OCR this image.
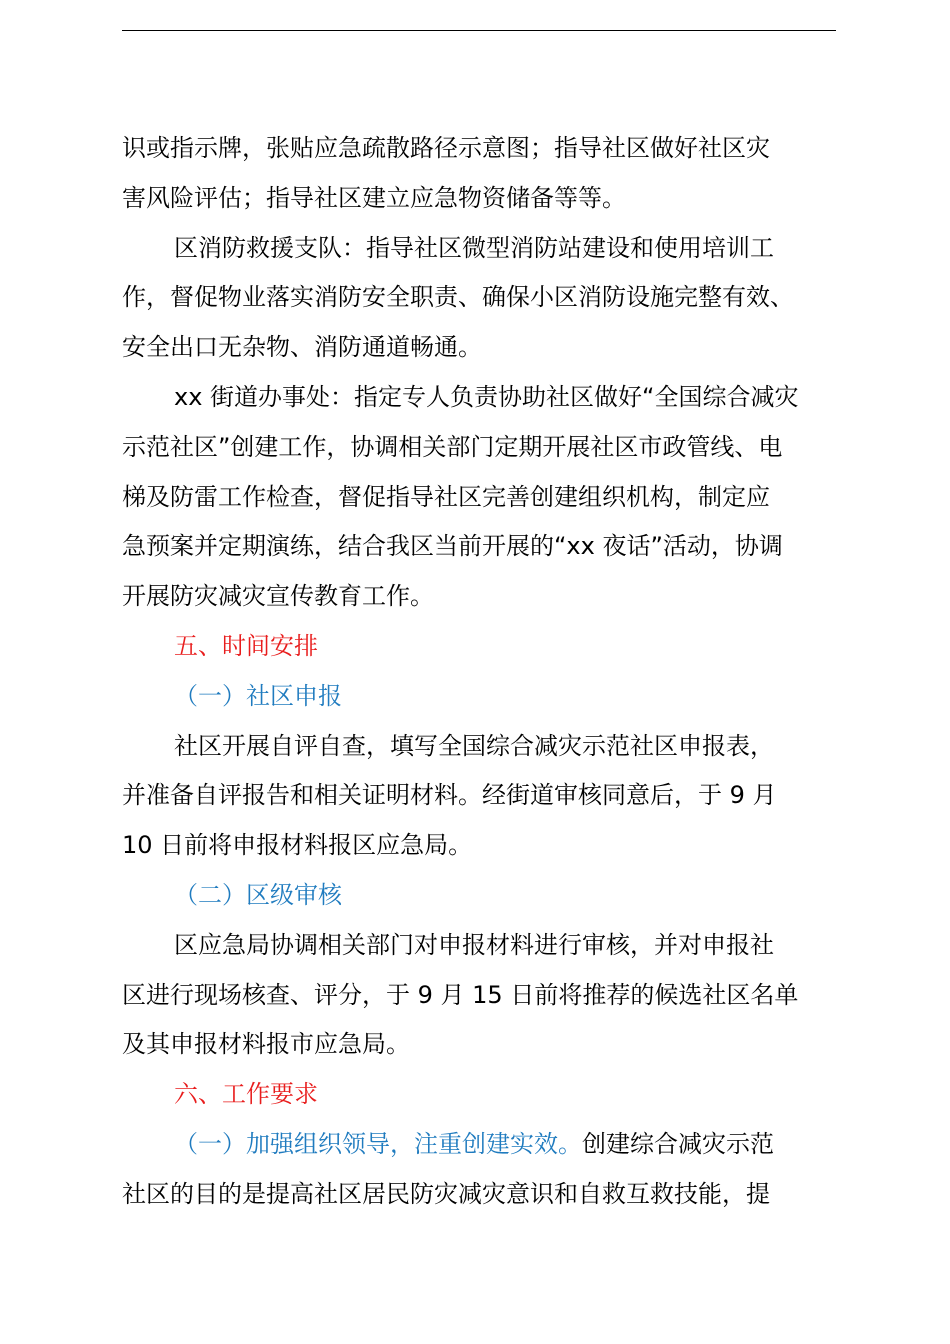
识或指示牌，张贴应急疏散路径示意图；指导社区做好社区灾
害风险评估；指导社区建立应急物资储备等等。
区消防救援支队：指导社区微型消防站建设和使用培训工
作，督促物业落实消防安全职责、确保小区消防设施完整有效、
安全出口无杂物、消防通道畅通。
xx 街道办事处：指定专人负责协助社区做好“全国综合减灾
示范社区”创建工作，协调相关部门定期开展社区市政管线、电
梯及防雷工作检查，督促指导社区完善创建组织机构，制定应
急预案并定期演练，结合我区当前开展的“xx 夜话”活动，协调
开展防灾减灾宣传教育工作。
五、时间安排
（一）社区申报
社区开展自评自查，填写全国综合减灾示范社区申报表，
并准备自评报告和相关证明材料。经街道审核同意后，于 9 月
10 日前将申报材料报区应急局。
（二）区级审核
区应急局协调相关部门对申报材料进行审核，并对申报社
区进行现场核查、评分，于 9 月 15 日前将推荐的候选社区名单
及其申报材料报市应急局。
六、工作要求
（一）加强组织领导，注重创建实效。创建综合减灾示范
社区的目的是提高社区居民防灾减灾意识和自救互救技能，提
